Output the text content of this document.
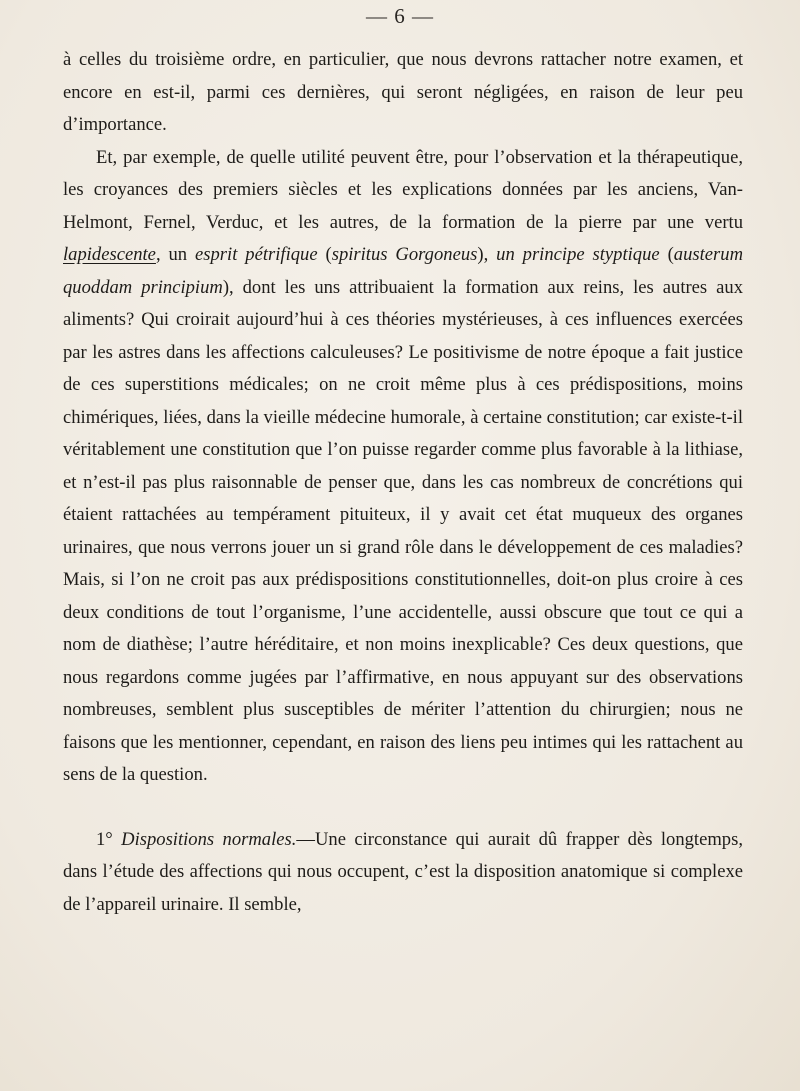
— 6 —

à celles du troisième ordre, en particulier, que nous devrons rattacher notre examen, et encore en est-il, parmi ces dernières, qui seront négligées, en raison de leur peu d’importance.

Et, par exemple, de quelle utilité peuvent être, pour l’observation et la thérapeutique, les croyances des premiers siècles et les explications données par les anciens, Van-Helmont, Fernel, Verduc, et les autres, de la formation de la pierre par une vertu lapidescente, un esprit pétrifique (spiritus Gorgoneus), un principe styptique (austerum quoddam principium), dont les uns attribuaient la formation aux reins, les autres aux aliments? Qui croirait aujourd’hui à ces théories mystérieuses, à ces influences exercées par les astres dans les affections calculeuses? Le positivisme de notre époque a fait justice de ces superstitions médicales; on ne croit même plus à ces prédispositions, moins chimériques, liées, dans la vieille médecine humorale, à certaine constitution; car existe-t-il véritablement une constitution que l’on puisse regarder comme plus favorable à la lithiase, et n’est-il pas plus raisonnable de penser que, dans les cas nombreux de concrétions qui étaient rattachées au tempérament pituiteux, il y avait cet état muqueux des organes urinaires, que nous verrons jouer un si grand rôle dans le développement de ces maladies? Mais, si l’on ne croit pas aux prédispositions constitutionnelles, doit-on plus croire à ces deux conditions de tout l’organisme, l’une accidentelle, aussi obscure que tout ce qui a nom de diathèse; l’autre héréditaire, et non moins inexplicable? Ces deux questions, que nous regardons comme jugées par l’affirmative, en nous appuyant sur des observations nombreuses, semblent plus susceptibles de mériter l’attention du chirurgien; nous ne faisons que les mentionner, cependant, en raison des liens peu intimes qui les rattachent au sens de la question.

1° Dispositions normales.—Une circonstance qui aurait dû frapper dès longtemps, dans l’étude des affections qui nous occupent, c’est la disposition anatomique si complexe de l’appareil urinaire. Il semble,
